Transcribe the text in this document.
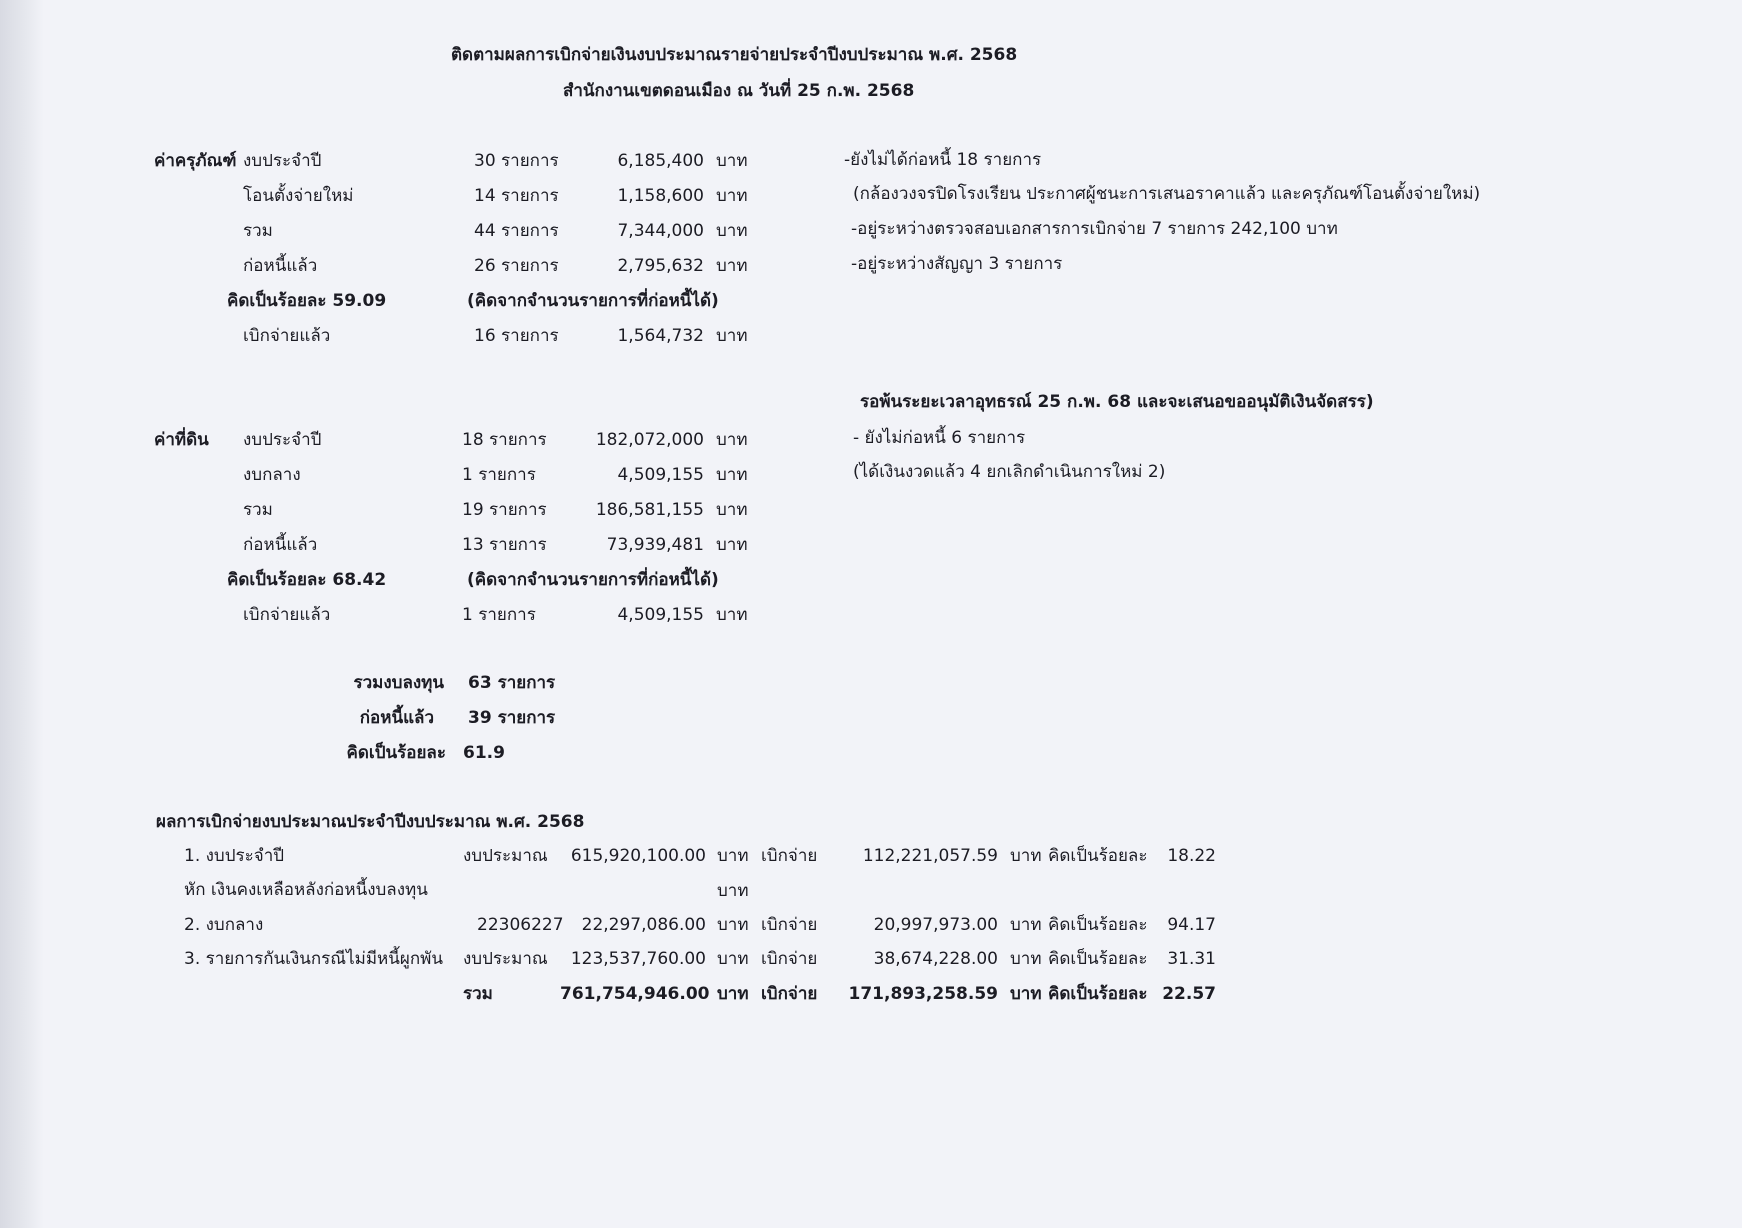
ติดตามผลการเบิกจ่ายเงินงบประมาณรายจ่ายประจำปีงบประมาณ พ.ศ. 2568
สำนักงานเขตดอนเมือง ณ วันที่ 25 ก.พ. 2568
ค่าครุภัณฑ์ งบประจำปี	30 รายการ	6,185,400 บาท
โอนตั้งจ่ายใหม่	14 รายการ	1,158,600 บาท
รวม	44 รายการ	7,344,000 บาท
ก่อหนี้แล้ว	26 รายการ	2,795,632 บาท
คิดเป็นร้อยละ 59.09	(คิดจากจำนวนรายการที่ก่อหนี้ได้)
เบิกจ่ายแล้ว	16 รายการ	1,564,732 บาท
-ยังไม่ได้ก่อหนี้ 18 รายการ
(กล้องวงจรปิดโรงเรียน ประกาศผู้ชนะการเสนอราคาแล้ว และครุภัณฑ์โอนตั้งจ่ายใหม่)
-อยู่ระหว่างตรวจสอบเอกสารการเบิกจ่าย 7 รายการ 242,100 บาท
-อยู่ระหว่างสัญญา 3 รายการ
รอพ้นระยะเวลาอุทธรณ์ 25 ก.พ. 68 และจะเสนอขออนุมัติเงินจัดสรร)
ค่าที่ดิน งบประจำปี	18 รายการ	182,072,000 บาท
งบกลาง	1 รายการ	4,509,155 บาท
รวม	19 รายการ	186,581,155 บาท
ก่อหนี้แล้ว	13 รายการ	73,939,481 บาท
คิดเป็นร้อยละ 68.42	(คิดจากจำนวนรายการที่ก่อหนี้ได้)
เบิกจ่ายแล้ว	1 รายการ	4,509,155 บาท
- ยังไม่ก่อหนี้ 6 รายการ
(ได้เงินงวดแล้ว 4 ยกเลิกดำเนินการใหม่ 2)
รวมงบลงทุน 63 รายการ
ก่อหนี้แล้ว 39 รายการ
คิดเป็นร้อยละ 61.9
ผลการเบิกจ่ายงบประมาณประจำปีงบประมาณ พ.ศ. 2568
1. งบประจำปี	งบประมาณ	615,920,100.00 บาท เบิกจ่าย	112,221,057.59 บาท คิดเป็นร้อยละ	18.22
หัก เงินคงเหลือหลังก่อหนี้งบลงทุน	บาท
2. งบกลาง	22306227	22,297,086.00 บาท เบิกจ่าย	20,997,973.00 บาท คิดเป็นร้อยละ	94.17
3. รายการกันเงินกรณีไม่มีหนี้ผูกพัน งบประมาณ	123,537,760.00 บาท เบิกจ่าย	38,674,228.00 บาท คิดเป็นร้อยละ	31.31
รวม	761,754,946.00 บาท เบิกจ่าย	171,893,258.59 บาท คิดเป็นร้อยละ 22.57
